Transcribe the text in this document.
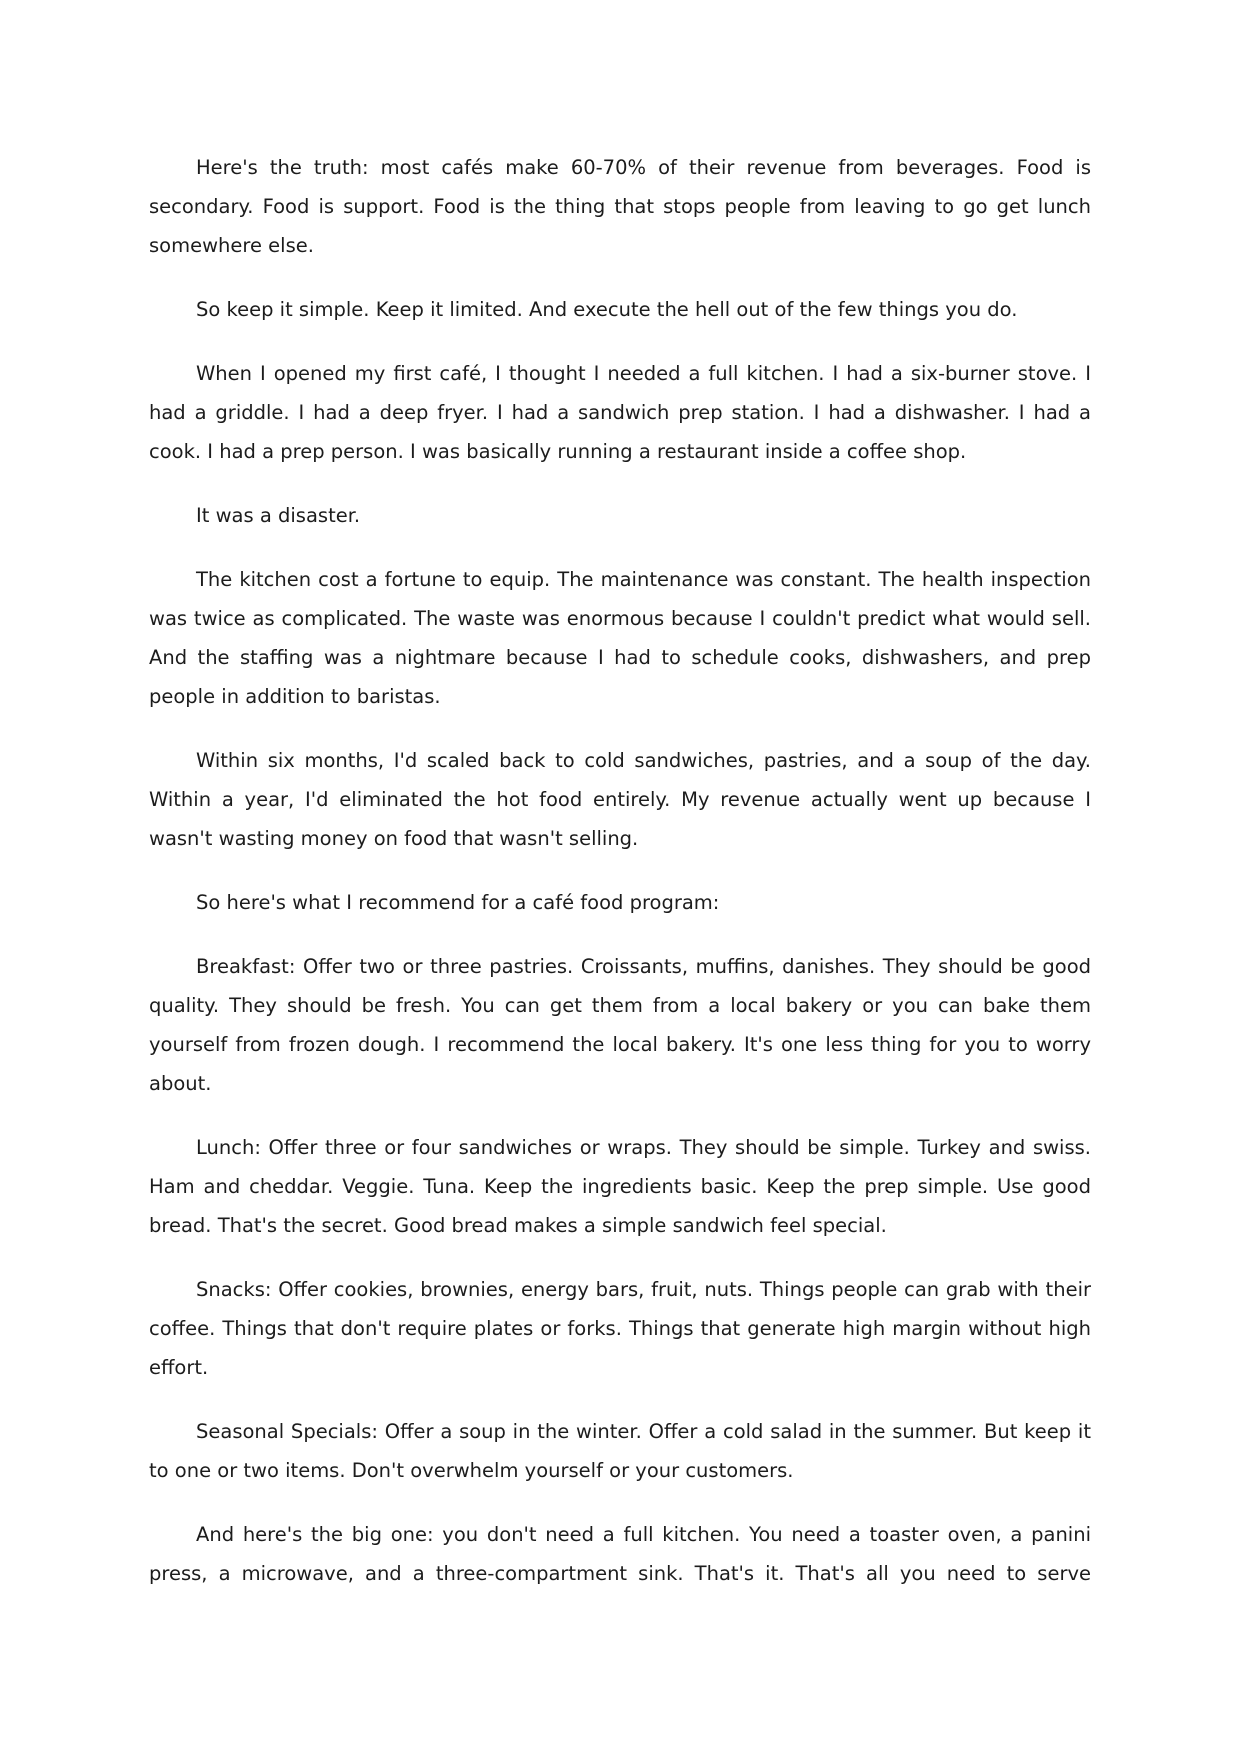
Here's the truth: most cafés make 60-70% of their revenue from beverages. Food is secondary. Food is support. Food is the thing that stops people from leaving to go get lunch somewhere else.

So keep it simple. Keep it limited. And execute the hell out of the few things you do.

When I opened my first café, I thought I needed a full kitchen. I had a six-burner stove. I had a griddle. I had a deep fryer. I had a sandwich prep station. I had a dishwasher. I had a cook. I had a prep person. I was basically running a restaurant inside a coffee shop.

It was a disaster.

The kitchen cost a fortune to equip. The maintenance was constant. The health inspection was twice as complicated. The waste was enormous because I couldn't predict what would sell. And the staffing was a nightmare because I had to schedule cooks, dishwashers, and prep people in addition to baristas.

Within six months, I'd scaled back to cold sandwiches, pastries, and a soup of the day. Within a year, I'd eliminated the hot food entirely. My revenue actually went up because I wasn't wasting money on food that wasn't selling.

So here's what I recommend for a café food program:

Breakfast: Offer two or three pastries. Croissants, muffins, danishes. They should be good quality. They should be fresh. You can get them from a local bakery or you can bake them yourself from frozen dough. I recommend the local bakery. It's one less thing for you to worry about.

Lunch: Offer three or four sandwiches or wraps. They should be simple. Turkey and swiss. Ham and cheddar. Veggie. Tuna. Keep the ingredients basic. Keep the prep simple. Use good bread. That's the secret. Good bread makes a simple sandwich feel special.

Snacks: Offer cookies, brownies, energy bars, fruit, nuts. Things people can grab with their coffee. Things that don't require plates or forks. Things that generate high margin without high effort.

Seasonal Specials: Offer a soup in the winter. Offer a cold salad in the summer. But keep it to one or two items. Don't overwhelm yourself or your customers.

And here's the big one: you don't need a full kitchen. You need a toaster oven, a panini press, a microwave, and a three-compartment sink. That's it. That's all you need to serve
